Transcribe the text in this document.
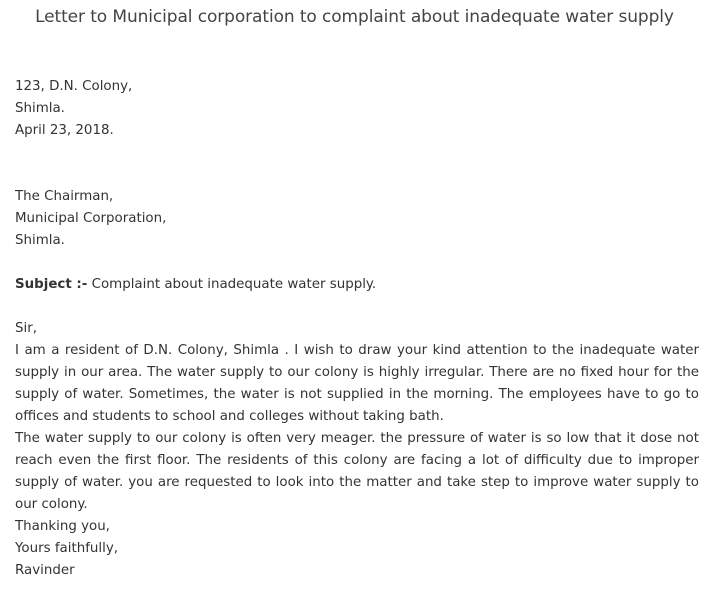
Letter to Municipal corporation to complaint about inadequate water supply
123, D.N. Colony,
Shimla.
April 23, 2018.
The Chairman,
Municipal Corporation,
Shimla.
Subject :- Complaint about inadequate water supply.
Sir,
I am a resident of D.N. Colony, Shimla . I wish to draw your kind attention to the inadequate water supply in our area. The water supply to our colony is highly irregular. There are no fixed hour for the supply of water. Sometimes, the water is not supplied in the morning. The employees have to go to offices and students to school and colleges without taking bath.
The water supply to our colony is often very meager. the pressure of water is so low that it dose not reach even the first floor. The residents of this colony are facing a lot of difficulty due to improper supply of water. you are requested to look into the matter and take step to improve water supply to our colony.
Thanking you,
Yours faithfully,
Ravinder
